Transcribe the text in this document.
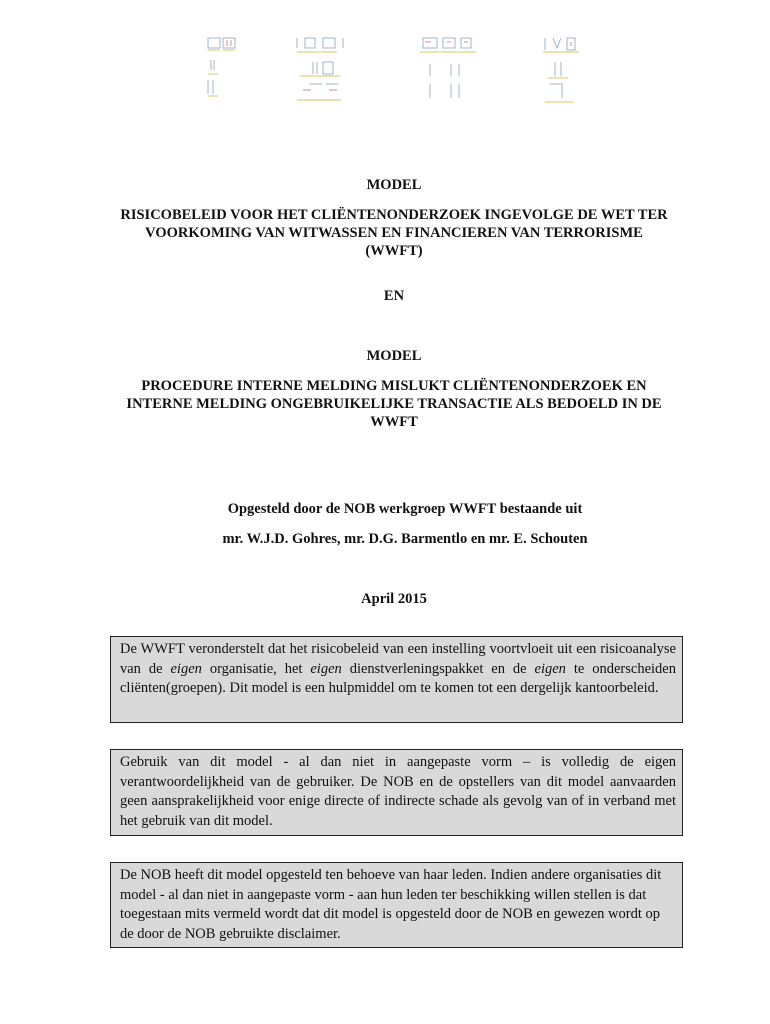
MODEL
RISICOBELEID VOOR HET CLIËNTENONDERZOEK INGEVOLGE DE WET TER VOORKOMING VAN WITWASSEN EN FINANCIEREN VAN TERRORISME (WWFT)
EN
MODEL
PROCEDURE INTERNE MELDING MISLUKT CLIËNTENONDERZOEK EN INTERNE MELDING ONGEBRUIKELIJKE TRANSACTIE ALS BEDOELD IN DE WWFT
Opgesteld door de NOB werkgroep WWFT bestaande uit
mr. W.J.D. Gohres, mr. D.G. Barmentlo en mr. E. Schouten
April 2015

De WWFT veronderstelt dat het risicobeleid van een instelling voortvloeit uit een risicoanalyse van de eigen organisatie, het eigen dienstverleningspakket en de eigen te onderscheiden cliënten(groepen). Dit model is een hulpmiddel om te komen tot een dergelijk kantoorbeleid.

Gebruik van dit model - al dan niet in aangepaste vorm – is volledig de eigen verantwoordelijkheid van de gebruiker. De NOB en de opstellers van dit model aanvaarden geen aansprakelijkheid voor enige directe of indirecte schade als gevolg van of in verband met het gebruik van dit model.

De NOB heeft dit model opgesteld ten behoeve van haar leden. Indien andere organisaties dit model - al dan niet in aangepaste vorm - aan hun leden ter beschikking willen stellen is dat toegestaan mits vermeld wordt dat dit model is opgesteld door de NOB en gewezen wordt op de door de NOB gebruikte disclaimer.
